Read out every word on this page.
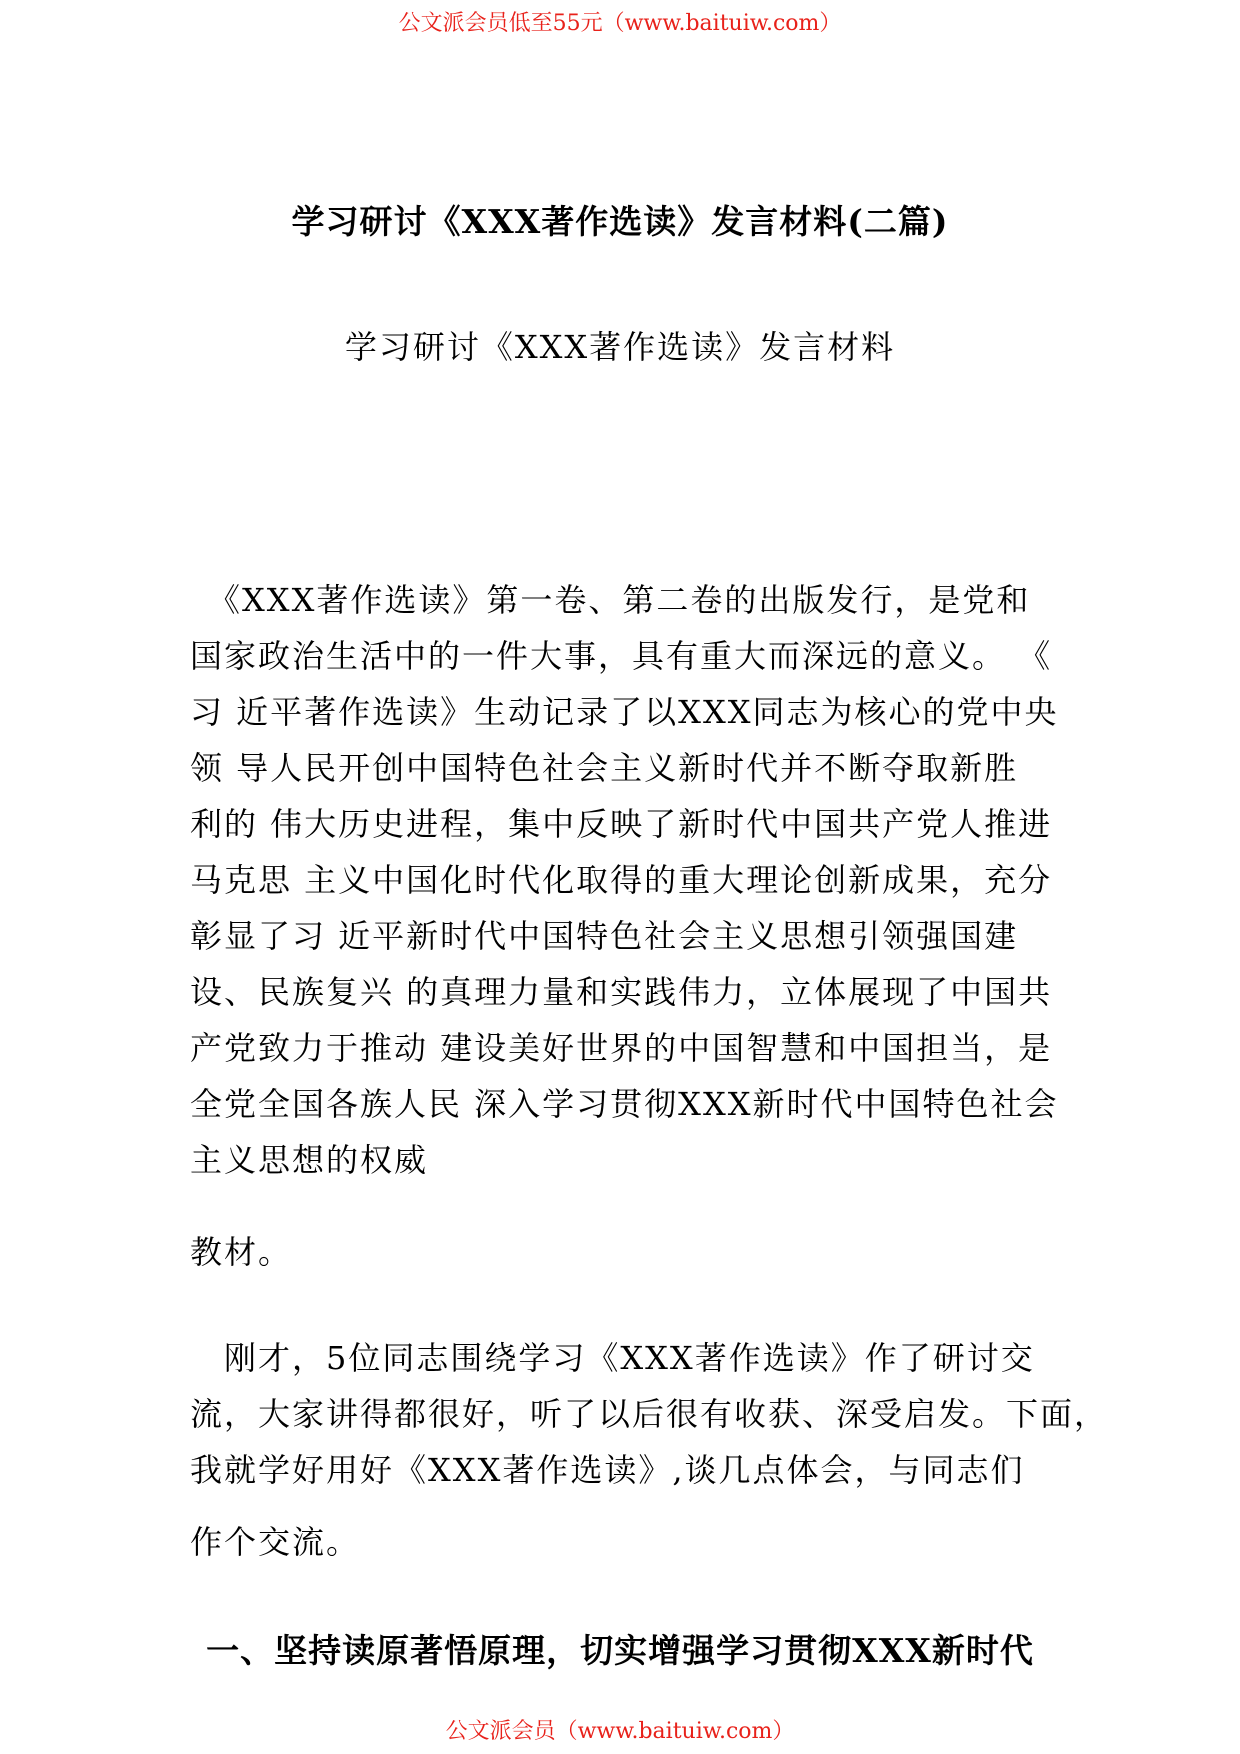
公文派会员低至55元（www.baituiw.com）
学习研讨《XXX著作选读》发言材料(二篇)
学习研讨《XXX著作选读》发言材料
　《XXX著作选读》第一卷、第二卷的出版发行，是党和
国家政治生活中的一件大事，具有重大而深远的意义。 《
习 近平著作选读》生动记录了以XXX同志为核心的党中央
领 导人民开创中国特色社会主义新时代并不断夺取新胜
利的 伟大历史进程，集中反映了新时代中国共产党人推进
马克思 主义中国化时代化取得的重大理论创新成果，充分
彰显了习 近平新时代中国特色社会主义思想引领强国建
设、民族复兴 的真理力量和实践伟力，立体展现了中国共
产党致力于推动 建设美好世界的中国智慧和中国担当，是
全党全国各族人民 深入学习贯彻XXX新时代中国特色社会
主义思想的权威
教材。
　刚才，5位同志围绕学习《XXX著作选读》作了研讨交
流，大家讲得都很好，听了以后很有收获、深受启发。下面，
我就学好用好《XXX著作选读》,谈几点体会，与同志们
作个交流。
一、坚持读原著悟原理，切实增强学习贯彻XXX新时代
公文派会员（www.baituiw.com）
